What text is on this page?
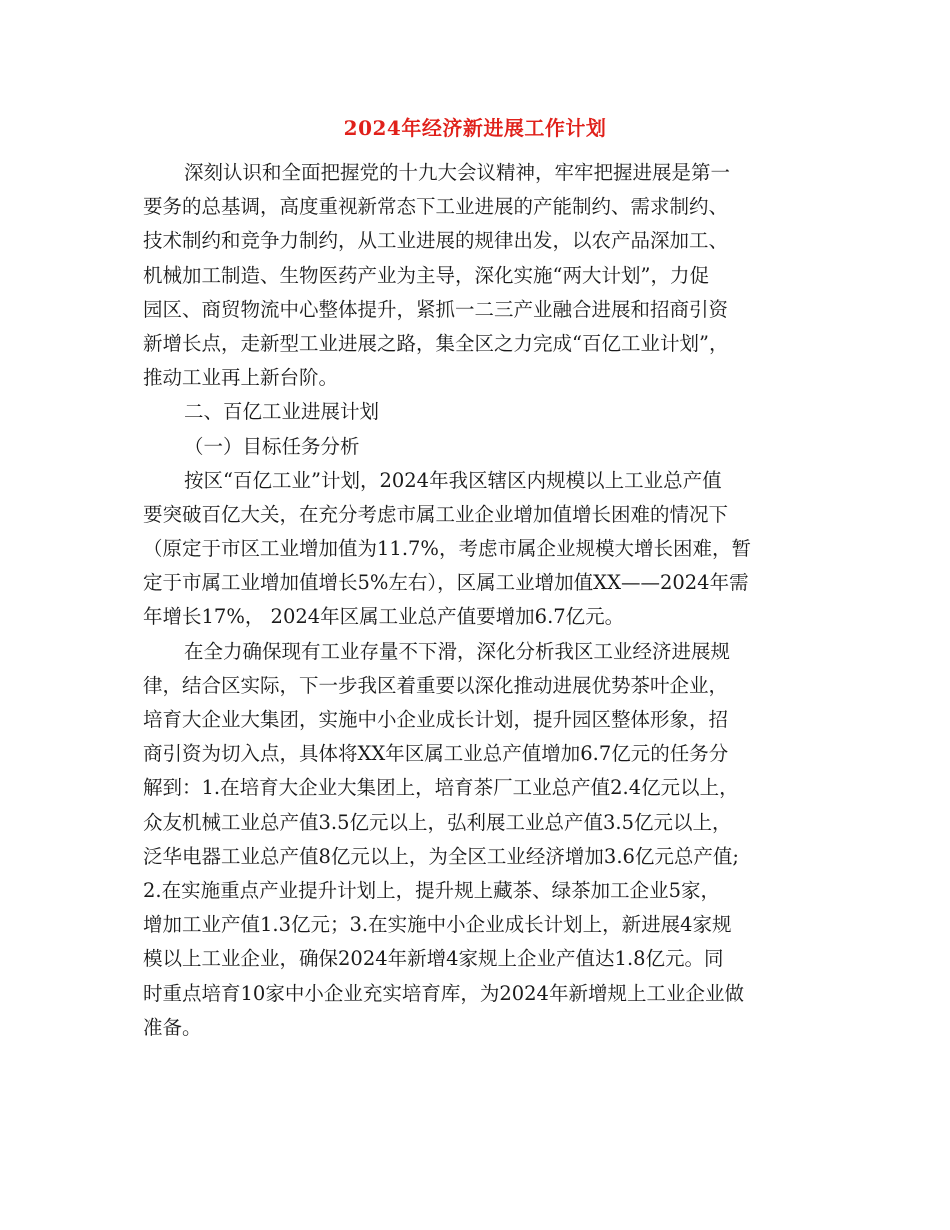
2024年经济新进展工作计划
深刻认识和全面把握党的十九大会议精神，牢牢把握进展是第一
要务的总基调，高度重视新常态下工业进展的产能制约、需求制约、
技术制约和竞争力制约，从工业进展的规律出发，以农产品深加工、
机械加工制造、生物医药产业为主导，深化实施“两大计划”，力促
园区、商贸物流中心整体提升，紧抓一二三产业融合进展和招商引资
新增长点，走新型工业进展之路，集全区之力完成“百亿工业计划”，
推动工业再上新台阶。
二、百亿工业进展计划
（一）目标任务分析
按区“百亿工业”计划，2024年我区辖区内规模以上工业总产值
要突破百亿大关，在充分考虑市属工业企业增加值增长困难的情况下
（原定于市区工业增加值为11.7%，考虑市属企业规模大增长困难，暂
定于市属工业增加值增长5%左右），区属工业增加值XX——2024年需
年增长17%， 2024年区属工业总产值要增加6.7亿元。
在全力确保现有工业存量不下滑，深化分析我区工业经济进展规
律，结合区实际，下一步我区着重要以深化推动进展优势茶叶企业，
培育大企业大集团，实施中小企业成长计划，提升园区整体形象，招
商引资为切入点，具体将XX年区属工业总产值增加6.7亿元的任务分
解到：1.在培育大企业大集团上，培育茶厂工业总产值2.4亿元以上，
众友机械工业总产值3.5亿元以上，弘利展工业总产值3.5亿元以上，
泛华电器工业总产值8亿元以上，为全区工业经济增加3.6亿元总产值;
2.在实施重点产业提升计划上，提升规上藏茶、绿茶加工企业5家，
增加工业产值1.3亿元；3.在实施中小企业成长计划上，新进展4家规
模以上工业企业，确保2024年新增4家规上企业产值达1.8亿元。同
时重点培育10家中小企业充实培育库，为2024年新增规上工业企业做
准备。
